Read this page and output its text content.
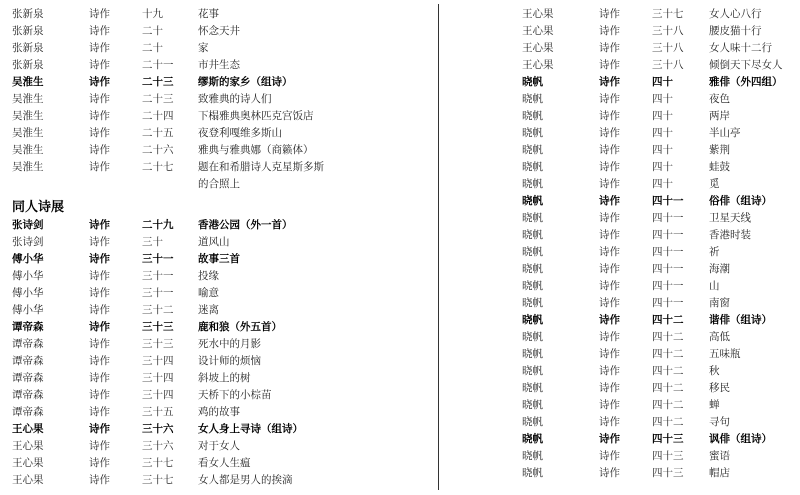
张新泉	诗作	十九	花事
张新泉	诗作	二十	怀念天井
张新泉	诗作	二十	家
张新泉	诗作	二十一 市井生态
吴淮生	诗作	二十三 缪斯的家乡（组诗）
吴淮生	诗作	二十三 致雅典的诗人们
吴淮生	诗作	二十四 下榻雅典奥林匹克宫饭店
吴淮生	诗作	二十五 夜登利嘎维多斯山
吴淮生	诗作	二十六 雅典与雅典娜（商籁体）
吴淮生	诗作	二十七 题在和希腊诗人克星斯多斯
的合照上
同人诗展
张诗剑	诗作	二十九 香港公园（外一首）
张诗剑	诗作	三十	道风山
傅小华	诗作	三十一 故事三首
傅小华	诗作	三十一 投缘
傅小华	诗作	三十一 喻意
傅小华	诗作	三十二 迷离
谭帝森	诗作	三十三 鹿和狼（外五首）
谭帝森	诗作	三十三 死水中的月影
谭帝森	诗作	三十四 设计师的烦恼
谭帝森	诗作	三十四 斜坡上的树
谭帝森	诗作	三十四 天桥下的小棕苗
谭帝森	诗作	三十五 鸡的故事
王心果	诗作	三十六 女人身上寻诗（组诗）
王心果	诗作	三十六 对于女人
王心果	诗作	三十七 看女人生瘟
王心果	诗作	三十七 女人都是男人的挨滴
王心果	诗作	三十七 女人心八行
王心果	诗作	三十八 腰皮猫十行
王心果	诗作	三十八 女人味十二行
王心果	诗作	三十八 倾倒天下尽女人
晓帆	诗作	四十	雅俳（外四组）
晓帆	诗作	四十	夜色
晓帆	诗作	四十	两岸
晓帆	诗作	四十	半山亭
晓帆	诗作	四十	紫荆
晓帆	诗作	四十	蛙鼓
晓帆	诗作	四十	觅
晓帆	诗作	四十一 俗俳（组诗）
晓帆	诗作	四十一 卫星天线
晓帆	诗作	四十一 香港时装
晓帆	诗作	四十一 祈
晓帆	诗作	四十一 海潮
晓帆	诗作	四十一 山
晓帆	诗作	四十一 南窗
晓帆	诗作	四十二 谐俳（组诗）
晓帆	诗作	四十二 高低
晓帆	诗作	四十二 五味瓶
晓帆	诗作	四十二 秋
晓帆	诗作	四十二 移民
晓帆	诗作	四十二 蝉
晓帆	诗作	四十二 寻句
晓帆	诗作	四十三 讽俳（组诗）
晓帆	诗作	四十三 蜜语
晓帆	诗作	四十三 帽店
